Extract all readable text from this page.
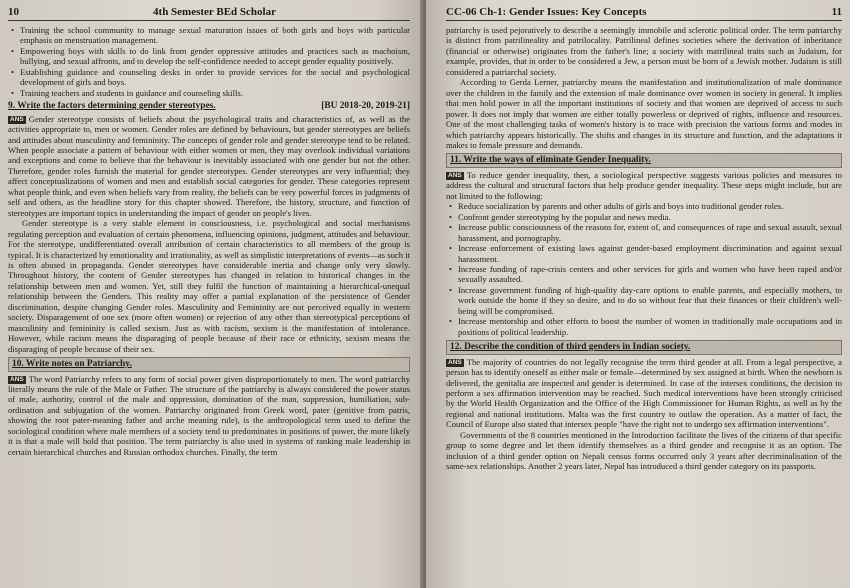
10	4th Semester BEd Scholar
• Training the school community to manage sexual maturation issues of both girls and boys with particular emphasis on menstruation management.
• Empowering boys with skills to do link from gender oppressive attitudes and practices such as machoism, bullying, and sexual affronts, and to develop the self-confidence needed to accept gender equality positively.
• Establishing guidance and counseling desks in order to provide services for the social and psychological development of girls and boys.
• Training teachers and students in guidance and counseling skills.
9. Write the factors determining gender stereotypes.	[BU 2018-20, 2019-21]

ANS Gender stereotype consists of beliefs about the psychological traits and characteristics of, as well as the activities appropriate to, men or women. Gender roles are defined by behaviours, but gender stereotypes are beliefs and attitudes about masculinity and femininity. The concepts of gender role and gender stereotype tend to be related. When people associate a pattern of behaviour with either women or men, they may overlook individual variations and exceptions and come to believe that the behaviour is inevitably associated with one gender but not the other. Therefore, gender roles furnish the material for gender stereotypes. Gender stereotypes are very influential; they affect conceptualizations of women and men and establish social categories for gender. These categories represent what people think, and even when beliefs vary from reality, the beliefs can be very powerful forces in judgments of self and others, as the headline story for this chapter showed. Therefore, the history, structure, and function of stereotypes are important topics in understanding the impact of gender on people's lives.

Gender stereotype is a very stable element in consciousness, i.e. psychological and social mechanisms regulating perception and evaluation of certain phenomena, influencing opinions, judgment, attitudes and behaviour. For the stereotype, undifferentiated overall attribution of certain characteristics to all members of the group is typical. It is characterized by emotionality and irrationality, as well as simplistic interpretations of events—as such it is often abused in propaganda. Gender stereotypes have considerable inertia and change only very slowly. Throughout history, the content of Gender stereotypes has changed in relation to historical changes in the relationship between men and women. Yet, still they fulfil the function of maintaining a hierarchical-unequal relationship between the Genders. This reality may offer a partial explanation of the persistence of Gender discrimination, despite changing Gender roles. Masculinity and Femininity are not perceived equally in western society. Disparagement of one sex (more often women) or rejection of any other than stereotypical perceptions of masculinity and femininity is called sexism. Just as with racism, sexism is the manifestation of intolerance. However, while racism means the disparaging of people because of their race or ethnicity, sexism means the disparaging of people because of their sex.

10. Write notes on Patriarchy.

ANS The word Patriarchy refers to any form of social power given disproportionately to men. The word patriarchy literally means the rule of the Male or Father. The structure of the patriarchy is always considered the power status of male, authority, control of the male and oppression, domination of the man, suppression, humiliation, sub-ordination and subjugation of the women. Patriarchy originated from Greek word, pater (genitive from patris, showing the root pater-meaning father and arche meaning rule), is the anthropological term used to define the sociological condition where male members of a society tend to predominates in positions of power, the more likely it is that a male will hold that position. The term patriarchy is also used in systems of ranking male leadership in certain hierarchical churches and Russian orthodox churches. Finally, the term

CC-06 Ch-1: Gender Issues: Key Concepts	11

patriarchy is used pejoratively to describe a seemingly immobile and sclerotic political order. The term patriarchy is distinct from patrilineality and patrilocality. Patrilineal defines societies where the derivation of inheritance (financial or otherwise) originates from the father's line; a society with matrilineal traits such as Judaism, for example, provides, that in order to be considered a Jew, a person must be born of a Jewish mother. Judaism is still considered a patriarchal society.

According to Gerda Lerner, patriarchy means the manifestation and institutionalization of male dominance over the children in the family and the extension of male dominance over women in society in general. It implies that men hold power in all the important institutions of society and that women are deprived of access to such power. It does not imply that women are either totally powerless or deprived of rights, influence and resources. One of the most challenging tasks of women's history is to trace with precision the various forms and modes in which patriarchy appears historically. The shifts and changes in its structure and function, and the adaptations it makes to female pressure and demands.

11. Write the ways of eliminate Gender Inequality.

ANS To reduce gender inequality, then, a sociological perspective suggests various policies and measures to address the cultural and structural factors that help produce gender inequality. These steps might include, but are not limited to the following:

• Reduce socialization by parents and other adults of girls and boys into traditional gender roles.
• Confront gender stereotyping by the popular and news media.
• Increase public consciousness of the reasons for, extent of, and consequences of rape and sexual assault, sexual harassment, and pornography.
• Increase enforcement of existing laws against gender-based employment discrimination and against sexual harassment.
• Increase funding of rape-crisis centers and other services for girls and women who have been raped and/or sexually assaulted.
• Increase government funding of high-quality day-care options to enable parents, and especially mothers, to work outside the home if they so desire, and to do so without fear that their finances or their children's well-being will be compromised.
• Increase mentorship and other efforts to boost the number of women in traditionally male occupations and in positions of political leadership.
12. Describe the condition of third genders in Indian society.

ANS The majority of countries do not legally recognise the term third gender at all. From a legal perspective, a person has to identify oneself as either male or female—determined by sex assigned at birth. When the newborn is delivered, the genitalia are inspected and gender is determined. In case of the intersex conditions, the decision to perform a sex affirmation intervention may be reached. Such medical interventions have been strongly criticised by the World Health Organization and the Office of the High Commissioner for Human Rights, as well as by the regional and national institutions. Malta was the first country to outlaw the operation. As a matter of fact, the Council of Europe also stated that intersex people "have the right not to undergo sex affirmation interventions".

Governments of the 8 countries mentioned in the Introduction facilitate the lives of the citizens of that specific group to some degree and let them identify themselves as a third gender and recognise it as an option. The inclusion of a third gender option on Nepali census forms occurred only 3 years after decriminalisation of the same-sex relationships. Another 2 years later, Nepal has introduced a third gender category on its passports.
